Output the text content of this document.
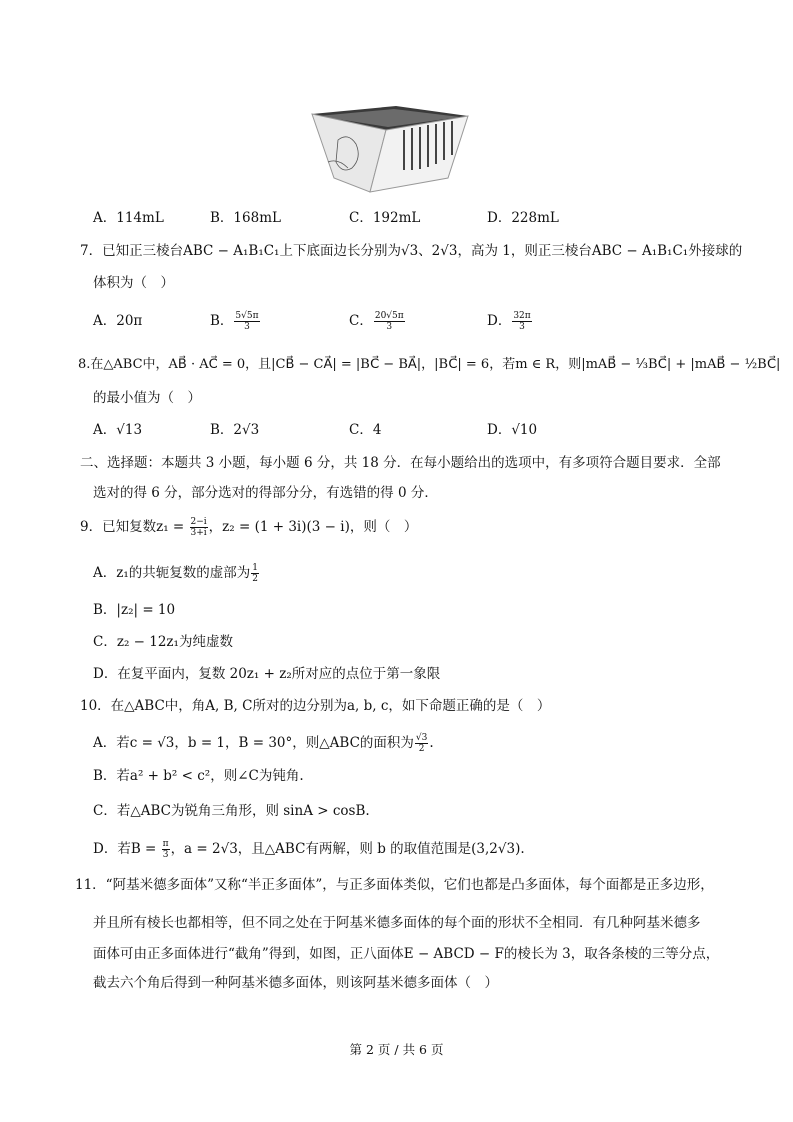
A．114mL	B．168mL	C．192mL	D．228mL
7．已知正三棱台ABC − A₁B₁C₁上下底面边长分别为√3、2√3，高为 1，则正三棱台ABC − A₁B₁C₁外接球的
体积为（　）
A．20π	B． $\frac{5√5\pi}{3}$	C． $\frac{20√5\pi}{3}$	D． $\frac{32\pi}{3}$
8.在△ABC中，AB⃗ · AC⃗ = 0，且|CB⃗ − CA⃗| = |BC⃗ − BA⃗|，|BC⃗| = 6，若m ∈ R，则|mAB⃗ − ⅓BC⃗| + |mAB⃗ − ½BC⃗|
的最小值为（　）
A．√13	B．2√3	C．4	D．√10
二、选择题：本题共 3 小题，每小题 6 分，共 18 分．在每小题给出的选项中，有多项符合题目要求．全部
选对的得 6 分，部分选对的得部分分，有选错的得 0 分．
9．已知复数$z_1 = \frac{2-i}{3+i}$ ，z₂ = (1 + 3i)(3 − i)，则（　）
A．z₁的共轭复数的虚部为 $\frac{1}{2}$
B．|z₂| = 10
C．z₂ − 12z₁为纯虚数
D．在复平面内，复数 20z₁ + z₂所对应的点位于第一象限
10．在△ABC中，角A, B, C所对的边分别为a, b, c，如下命题正确的是（　）
A．若c = √3，b = 1，B = 30°，则△ABC的面积为 $\frac{√3}{2}$ .
B．若a² + b² < c²，则∠C为钝角.
C．若△ABC为锐角三角形，则 sinA > cosB.
D．若$B = \frac{\pi}{3}$ ，a = 2√3，且△ABC有两解，则 b 的取值范围是(3,2√3).
11．“阿基米德多面体”又称“半正多面体”，与正多面体类似，它们也都是凸多面体，每个面都是正多边形，
并且所有棱长也都相等，但不同之处在于阿基米德多面体的每个面的形状不全相同．有几种阿基米德多
面体可由正多面体进行“截角”得到，如图，正八面体E − ABCD − F的棱长为 3，取各条棱的三等分点，
截去六个角后得到一种阿基米德多面体，则该阿基米德多面体（　）
第 2 页 / 共 6 页
